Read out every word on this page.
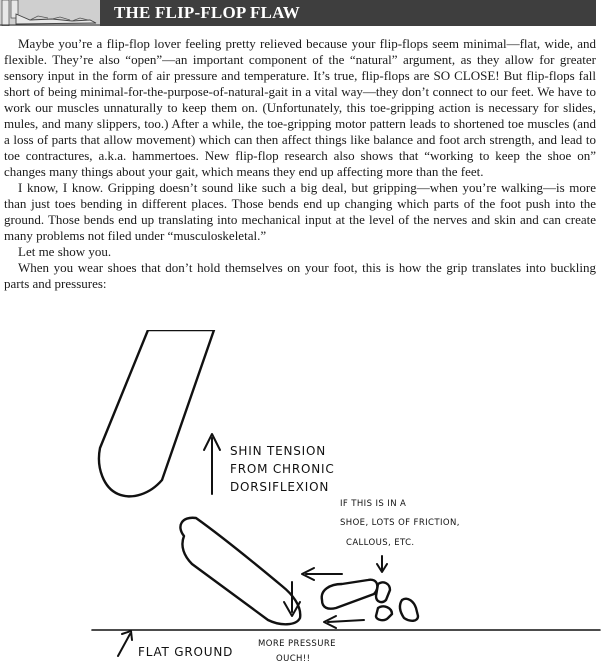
THE FLIP-FLOP FLAW

Maybe you’re a flip-flop lover feeling pretty relieved because your flip-flops seem minimal—flat, wide, and flexible. They’re also “open”—an important component of the “natural” argument, as they allow for greater sensory input in the form of air pressure and temperature. It’s true, flip-flops are SO CLOSE! But flip-flops fall short of being minimal-for-the-purpose-of-natural-gait in a vital way—they don’t connect to our feet. We have to work our muscles unnaturally to keep them on. (Unfortunately, this toe-gripping action is necessary for slides, mules, and many slippers, too.) After a while, the toe-gripping motor pattern leads to shortened toe muscles (and a loss of parts that allow movement) which can then affect things like balance and foot arch strength, and lead to toe contractures, a.k.a. hammertoes. New flip-flop research also shows that “working to keep the shoe on” changes many things about your gait, which means they end up affecting more than the feet.

I know, I know. Gripping doesn’t sound like such a big deal, but gripping—when you’re walking—is more than just toes bending in different places. Those bends end up changing which parts of the foot push into the ground. Those bends end up translating into mechanical input at the level of the nerves and skin and can create many problems not filed under “musculoskeletal.”

Let me show you.

When you wear shoes that don’t hold themselves on your foot, this is how the grip translates into buckling parts and pressures:

SHIN TENSION
FROM CHRONIC
DORSIFLEXION
IF THIS IS IN A
SHOE, LOTS OF FRICTION,
CALLOUS, ETC.
FLAT GROUND
MORE PRESSURE
OUCH!!
